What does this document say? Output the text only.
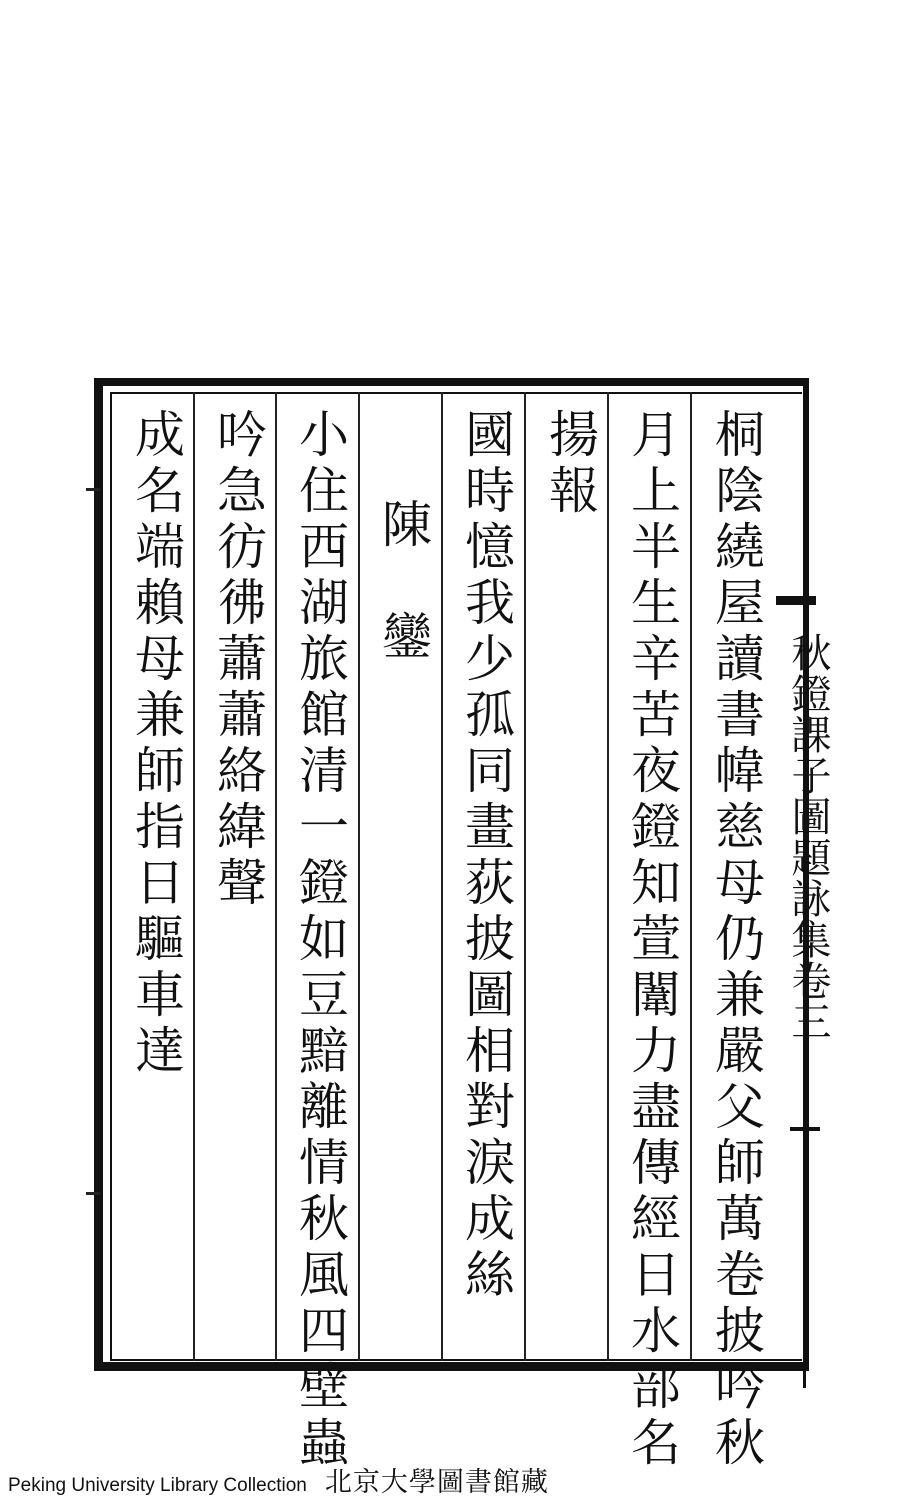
桐陰繞屋讀書幃慈母仍兼嚴父師萬卷披吟秋
月上半生辛苦夜鐙知萱闈力盡傳經日水部名
揚報
國時憶我少孤同畫荻披圖相對淚成絲
陳　鑾
小住西湖旅館清一鐙如豆黯離情秋風四壁蟲
吟急彷彿蕭蕭絡緯聲
成名端賴母兼師指日驅車達	秋鐙課子圖題詠集卷三
Peking University Library Collection 北京大學圖書館藏
